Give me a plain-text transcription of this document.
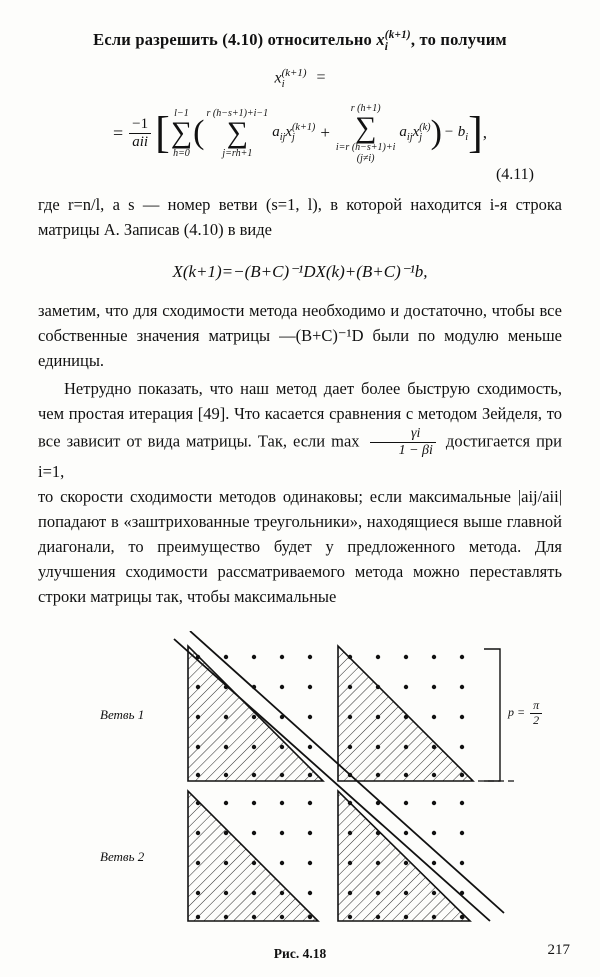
Если разрешить (4.10) относительно x (k+1)
i	, то получим
x (k+1)
i	=
= $\frac{-1}{\text{aii}}$ [ l−1
∑
h=0
(
r (h−s+1)+i−1
∑
j=rh+1
$a_{ij}x$ (k+1)
j	+
r (h+1)
∑
i=r (h−s+1)+i
(j≠i)
$a_{ij}x$ (k)
j ) − $b_i$ ] ,
(4.11)

где r=n/l, а s — номер ветви (s=1, l), в которой находится i-я строка матрицы A. Записав (4.10) в виде

X(k+1)=−(B+C)⁻¹DX(k)+(B+C)⁻¹b,

заметим, что для сходимости метода необходимо и достаточно, чтобы все собственные значения матрицы —(B+C)⁻¹D были по модулю меньше единицы.

Нетрудно показать, что наш метод дает более быструю сходимость, чем простая итерация [49]. Что касается сравнения с методом Зейделя, то все зависит от вида матрицы. Так, если $\max \frac{\gamma i}{1 - \beta i}$ достигается при i=1,

то скорости сходимости методов одинаковы; если максимальные |aij/aii| попадают в «заштрихованные треугольники», находящиеся выше главной диагонали, то преимущество будет у предложенного метода. Для улучшения сходимости рассматриваемого метода можно переставлять строки матрицы так, чтобы максимальные

Ветвь 1
Ветвь 2
$p = \frac{\pi}{2}$
Рис. 4.18	217
